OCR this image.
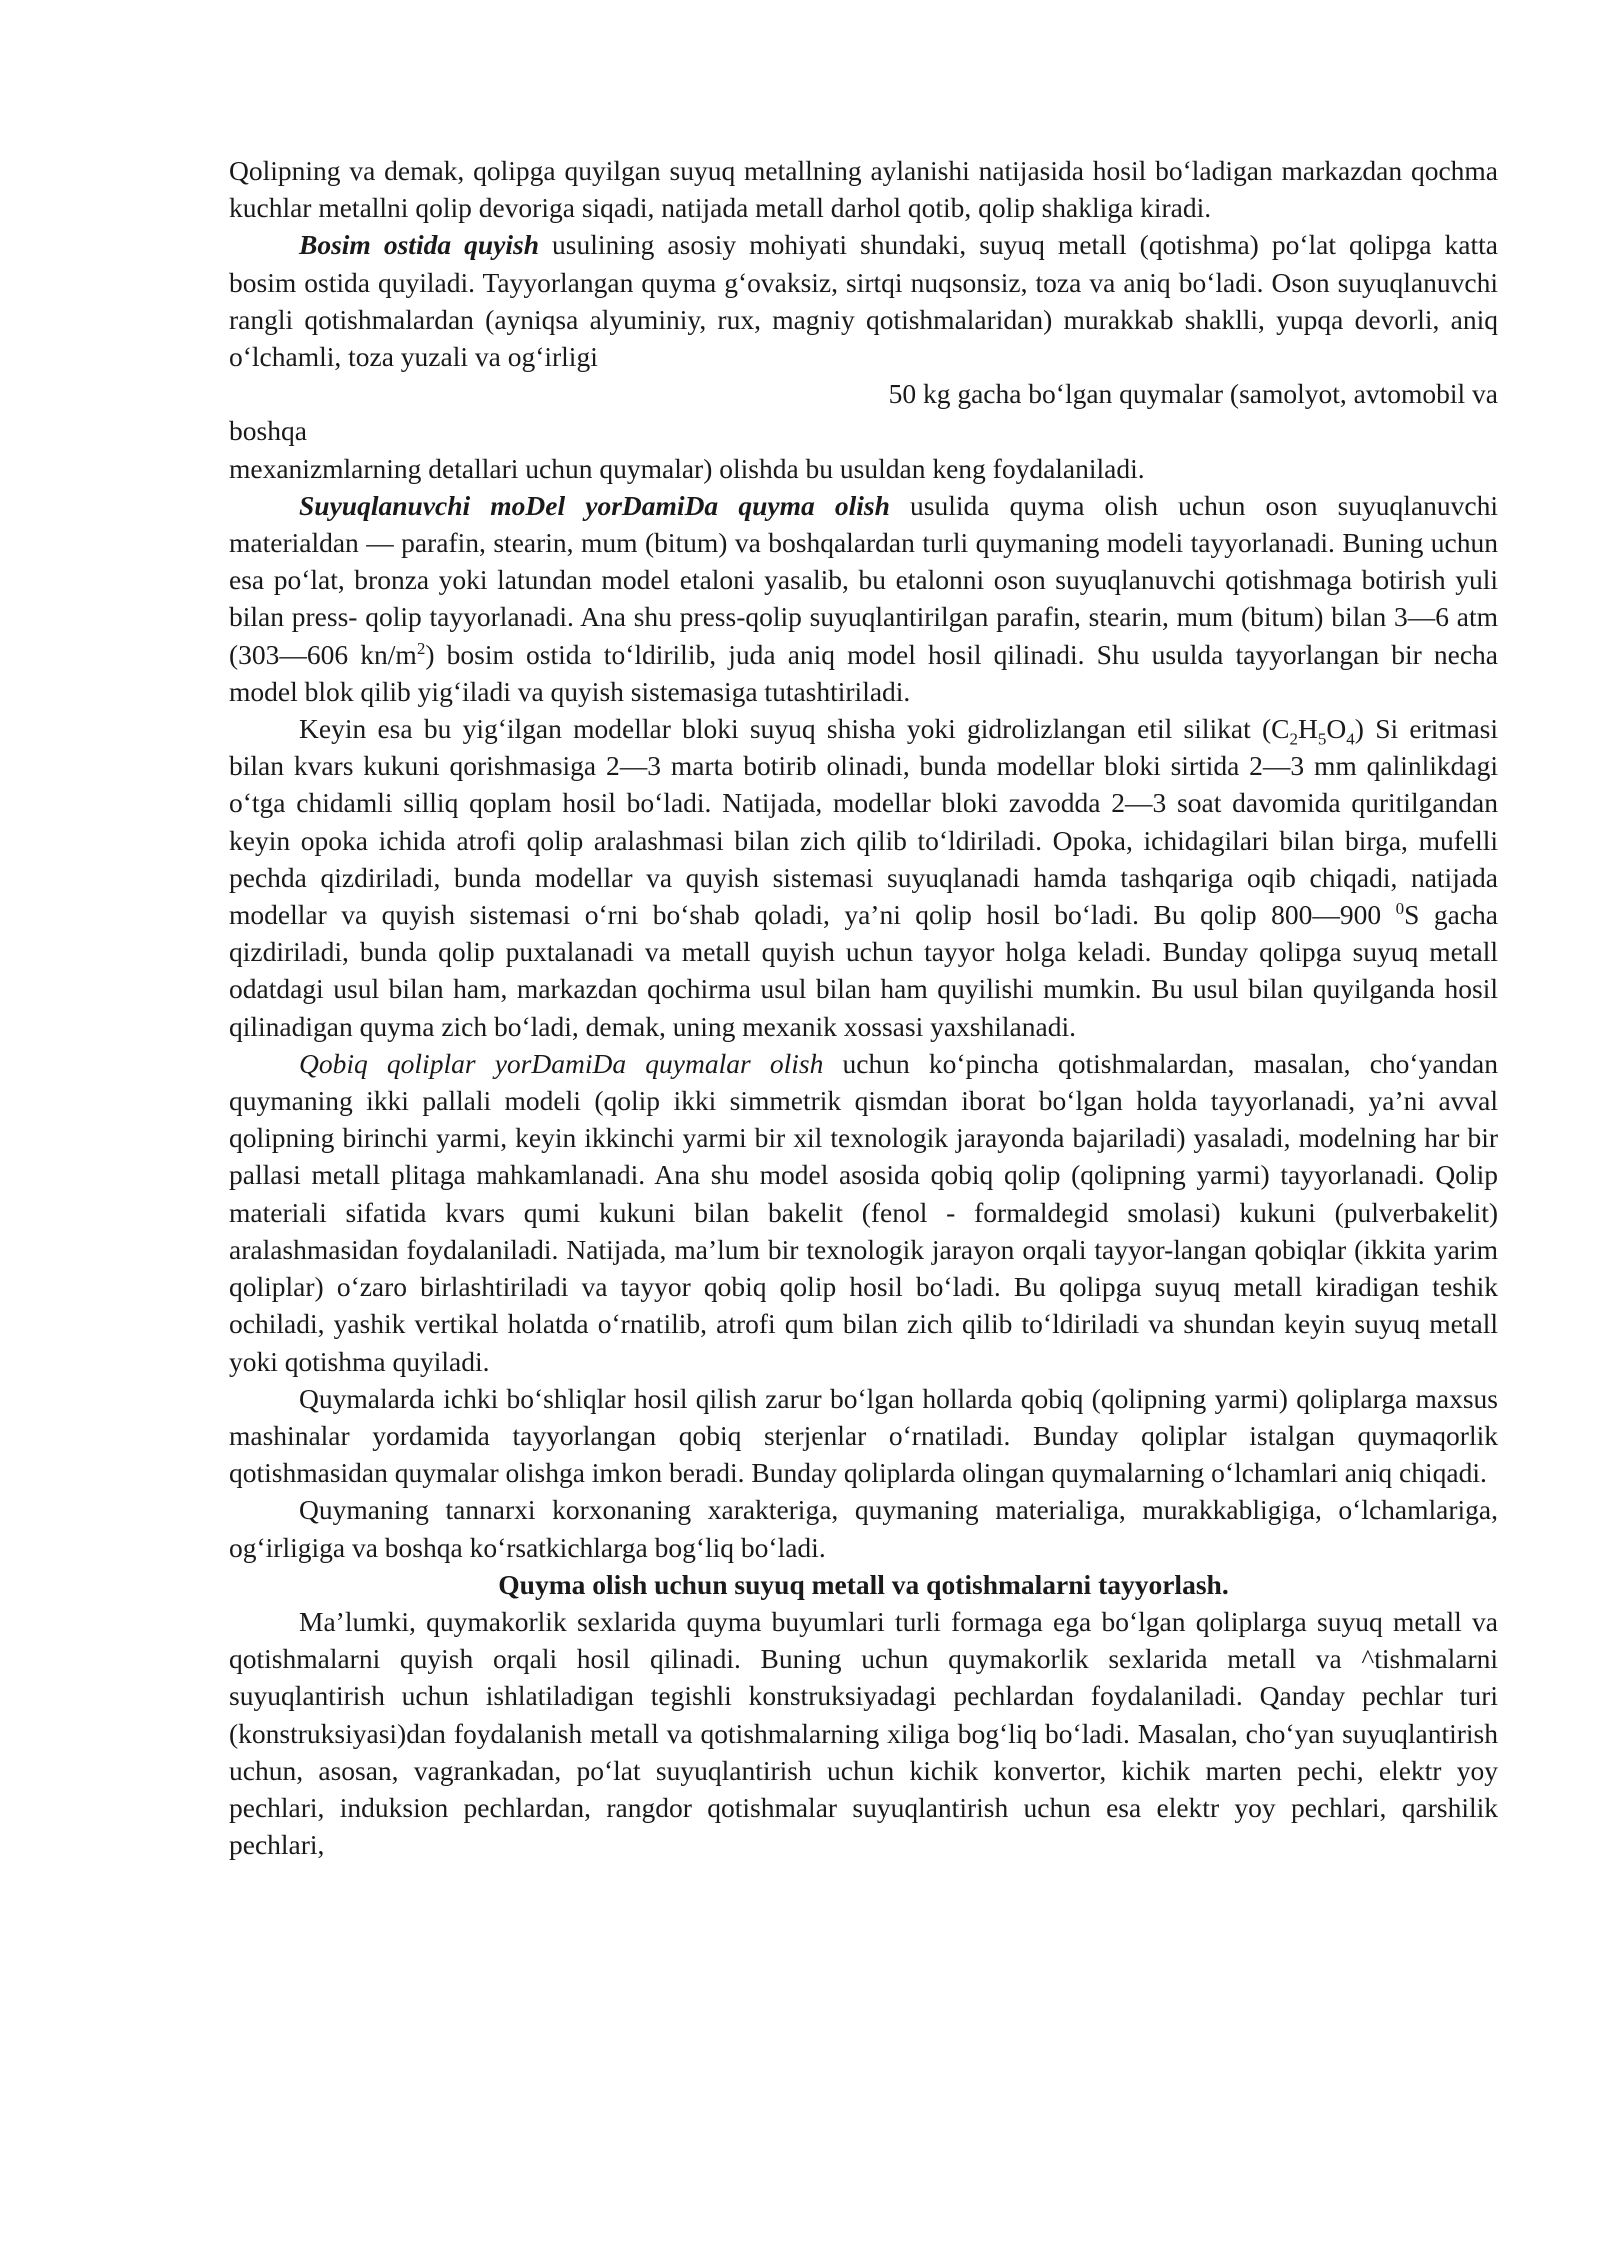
Qolipning va demak, qolipga quyilgan suyuq metallning aylanishi natijasida hosil bo‘ladigan markazdan qochma kuchlar metallni qolip devoriga siqadi, natijada metall darhol qotib, qolip shakliga kiradi.

Bosim ostida quyish usulining asosiy mohiyati shundaki, suyuq metall (qotishma) po‘lat qolipga katta bosim ostida quyiladi. Tayyorlangan quyma g‘ovaksiz, sirtqi nuqsonsiz, toza va aniq bo‘ladi. Oson suyuqlanuvchi rangli qotishmalardan (ayniqsa alyuminiy, rux, magniy qotishmalaridan) murakkab shaklli, yupqa devorli, aniq o‘lchamli, toza yuzali va og‘irligi

50 kg gacha bo‘lgan quymalar (samolyot, avtomobil va

boshqa

mexanizmlarning detallari uchun quymalar) olishda bu usuldan keng foydalaniladi.

Suyuqlanuvchi moDel yorDamiDa quyma olish usulida quyma olish uchun oson suyuqlanuvchi materialdan — parafin, stearin, mum (bitum) va boshqalardan turli quymaning modeli tayyorlanadi. Buning uchun esa po‘lat, bronza yoki latundan model etaloni yasalib, bu etalonni oson suyuqlanuvchi qotishmaga botirish yuli bilan press- qolip tayyorlanadi. Ana shu press-qolip suyuqlantirilgan parafin, stearin, mum (bitum) bilan 3—6 atm (303—606 $kn/m^2$) bosim ostida to‘ldirilib, juda aniq model hosil qilinadi. Shu usulda tayyorlangan bir necha model blok qilib yig‘iladi va quyish sistemasiga tutashtiriladi.

Keyin esa bu yig‘ilgan modellar bloki suyuq shisha yoki gidrolizlangan etil silikat $(C_2H_5O_4)$ Si eritmasi bilan kvars kukuni qorishmasiga 2—3 marta botirib olinadi, bunda modellar bloki sirtida 2—3 mm qalinlikdagi o‘tga chidamli silliq qoplam hosil bo‘ladi. Natijada, modellar bloki zavodda 2—3 soat davomida quritilgandan keyin opoka ichida atrofi qolip aralashmasi bilan zich qilib to‘ldiriladi. Opoka, ichidagilari bilan birga, mufelli pechda qizdiriladi, bunda modellar va quyish sistemasi suyuqlanadi hamda tashqariga oqib chiqadi, natijada modellar va quyish sistemasi o‘rni bo‘shab qoladi, ya’ni qolip hosil bo‘ladi. Bu qolip 800—900 $^0$S gacha qizdiriladi, bunda qolip puxtalanadi va metall quyish uchun tayyor holga keladi. Bunday qolipga suyuq metall odatdagi usul bilan ham, markazdan qochirma usul bilan ham quyilishi mumkin. Bu usul bilan quyilganda hosil qilinadigan quyma zich bo‘ladi, demak, uning mexanik xossasi yaxshilanadi.

Qobiq qoliplar yorDamiDa quymalar olish uchun ko‘pincha qotishmalardan, masalan, cho‘yandan quymaning ikki pallali modeli (qolip ikki simmetrik qismdan iborat bo‘lgan holda tayyorlanadi, ya’ni avval qolipning birinchi yarmi, keyin ikkinchi yarmi bir xil texnologik jarayonda bajariladi) yasaladi, modelning har bir pallasi metall plitaga mahkamlanadi. Ana shu model asosida qobiq qolip (qolipning yarmi) tayyorlanadi. Qolip materiali sifatida kvars qumi kukuni bilan bakelit (fenol - formaldegid smolasi) kukuni (pulverbakelit) aralashmasidan foydalaniladi. Natijada, ma’lum bir texnologik jarayon orqali tayyor-langan qobiqlar (ikkita yarim qoliplar) o‘zaro birlashtiriladi va tayyor qobiq qolip hosil bo‘ladi. Bu qolipga suyuq metall kiradigan teshik ochiladi, yashik vertikal holatda o‘rnatilib, atrofi qum bilan zich qilib to‘ldiriladi va shundan keyin suyuq metall yoki qotishma quyiladi.

Quymalarda ichki bo‘shliqlar hosil qilish zarur bo‘lgan hollarda qobiq (qolipning yarmi) qoliplarga maxsus mashinalar yordamida tayyorlangan qobiq sterjenlar o‘rnatiladi. Bunday qoliplar istalgan quymaqorlik qotishmasidan quymalar olishga imkon beradi. Bunday qoliplarda olingan quymalarning o‘lchamlari aniq chiqadi.

Quymaning tannarxi korxonaning xarakteriga, quymaning materialiga, murakkabligiga, o‘lchamlariga, og‘irligiga va boshqa ko‘rsatkichlarga bog‘liq bo‘ladi.

Quyma olish uchun suyuq metall va qotishmalarni tayyorlash.

Ma’lumki, quymakorlik sexlarida quyma buyumlari turli formaga ega bo‘lgan qoliplarga suyuq metall va qotishmalarni quyish orqali hosil qilinadi. Buning uchun quymakorlik sexlarida metall va ^tishmalarni suyuqlantirish uchun ishlatiladigan tegishli konstruksiyadagi pechlardan foydalaniladi. Qanday pechlar turi (konstruksiyasi)dan foydalanish metall va qotishmalarning xiliga bog‘liq bo‘ladi. Masalan, cho‘yan suyuqlantirish uchun, asosan, vagrankadan, po‘lat suyuqlantirish uchun kichik konvertor, kichik marten pechi, elektr yoy pechlari, induksion pechlardan, rangdor qotishmalar suyuqlantirish uchun esa elektr yoy pechlari, qarshilik pechlari,
